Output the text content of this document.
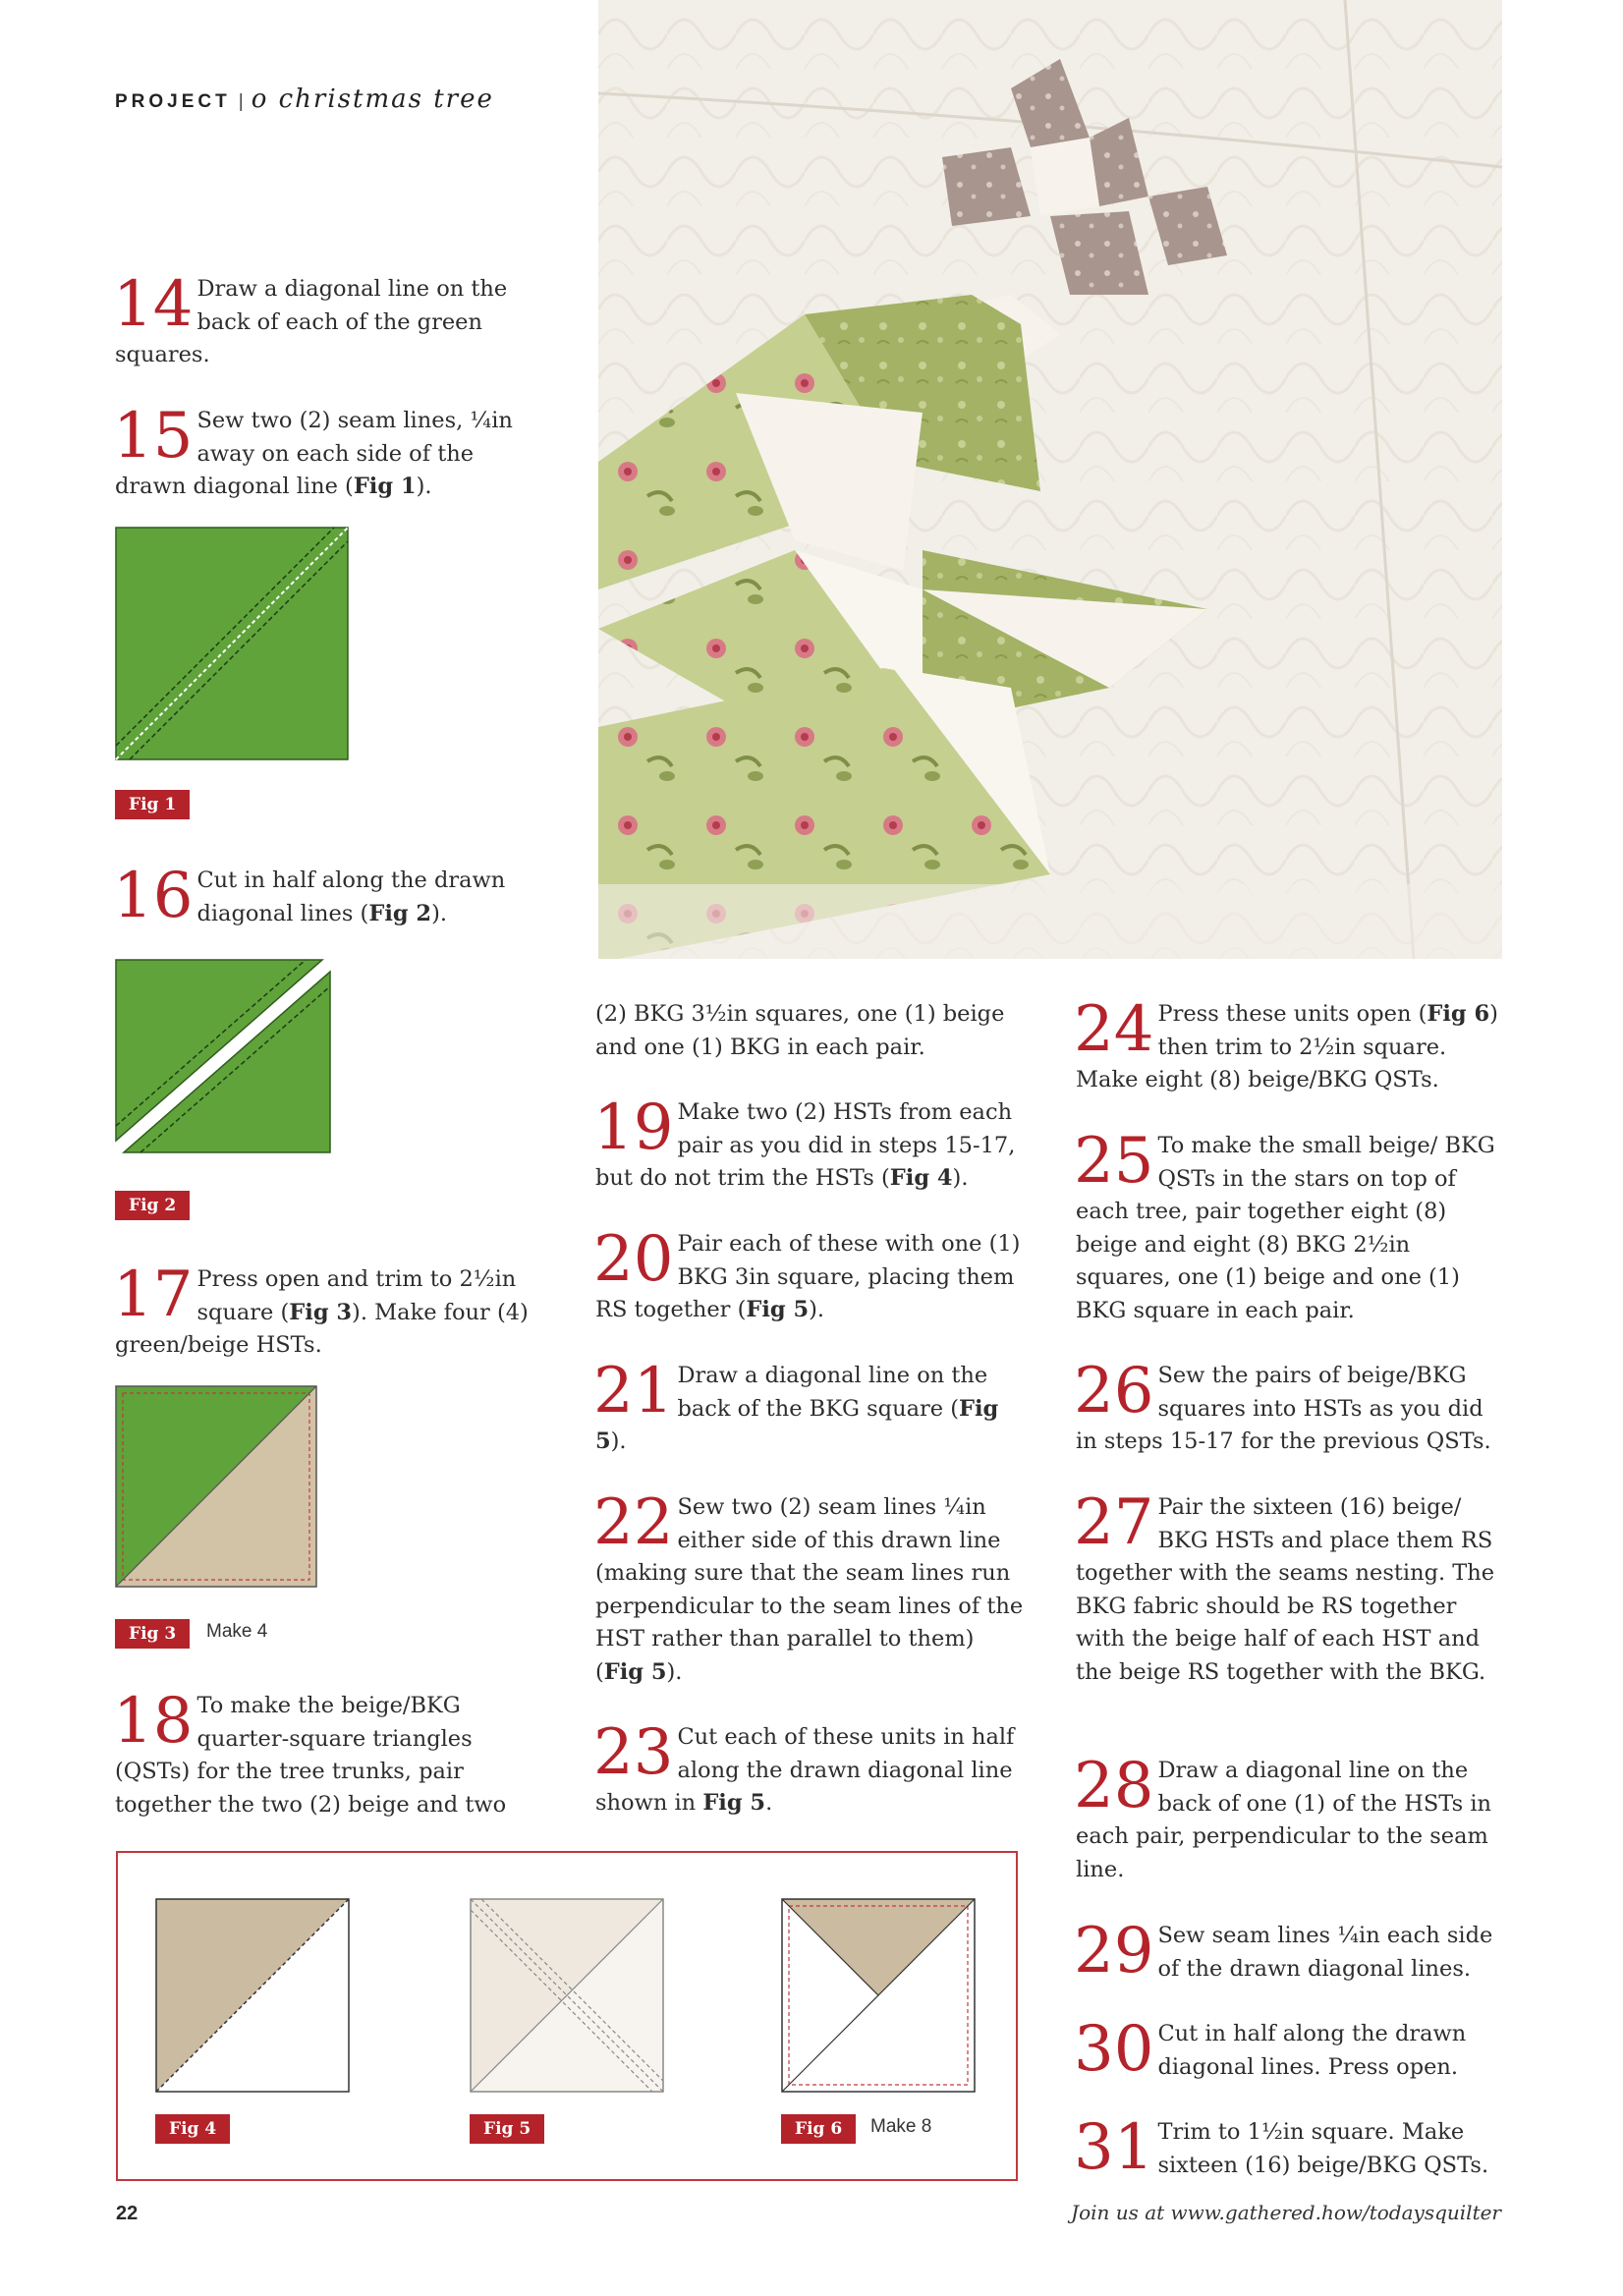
PROJECT | o christmas tree
14 Draw a diagonal line on the back of each of the green squares.
15 Sew two (2) seam lines, ¼in away on each side of the drawn diagonal line (Fig 1).
Fig 1
16 Cut in half along the drawn diagonal lines (Fig 2).
Fig 2
17 Press open and trim to 2½in square (Fig 3). Make four (4) green/beige HSTs.
Fig 3	Make 4
18 To make the beige/BKG quarter-square triangles (QSTs) for the tree trunks, pair together the two (2) beige and two
(2) BKG 3½in squares, one (1) beige and one (1) BKG in each pair.
19 Make two (2) HSTs from each pair as you did in steps 15-17, but do not trim the HSTs (Fig 4).
20 Pair each of these with one (1) BKG 3in square, placing them RS together (Fig 5).
21 Draw a diagonal line on the back of the BKG square (Fig 5).
22 Sew two (2) seam lines ¼in either side of this drawn line (making sure that the seam lines run perpendicular to the seam lines of the HST rather than parallel to them) (Fig 5).
23 Cut each of these units in half along the drawn diagonal line shown in Fig 5.
24 Press these units open (Fig 6) then trim to 2½in square. Make eight (8) beige/BKG QSTs.
25 To make the small beige/ BKG QSTs in the stars on top of each tree, pair together eight (8) beige and eight (8) BKG 2½in squares, one (1) beige and one (1) BKG square in each pair.
26 Sew the pairs of beige/BKG squares into HSTs as you did in steps 15-17 for the previous QSTs.
27 Pair the sixteen (16) beige/ BKG HSTs and place them RS together with the seams nesting. The BKG fabric should be RS together with the beige half of each HST and the beige RS together with the BKG.
28 Draw a diagonal line on the back of one (1) of the HSTs in each pair, perpendicular to the seam line.
29 Sew seam lines ¼in each side of the drawn diagonal lines.
30 Cut in half along the drawn diagonal lines. Press open.
31 Trim to 1½in square. Make sixteen (16) beige/BKG QSTs.
Fig 4	Fig 5	Fig 6	Make 8
22	Join us at www.gathered.how/todaysquilter
